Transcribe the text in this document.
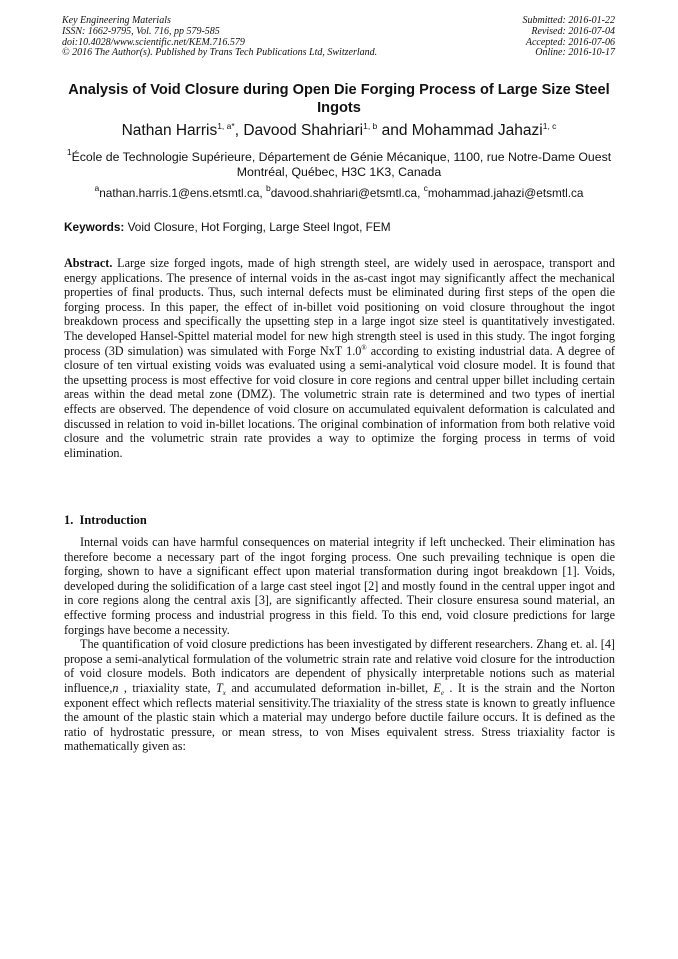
Key Engineering Materials
ISSN: 1662-9795, Vol. 716, pp 579-585
doi:10.4028/www.scientific.net/KEM.716.579
© 2016 The Author(s). Published by Trans Tech Publications Ltd, Switzerland.
Submitted: 2016-01-22
Revised: 2016-07-04
Accepted: 2016-07-06
Online: 2016-10-17
Analysis of Void Closure during Open Die Forging Process of Large Size Steel Ingots
Nathan Harris$^{1, a*}$, Davood Shahriari$^{1, b}$ and Mohammad Jahazi$^{1, c}$
$^1$École de Technologie Supérieure, Département de Génie Mécanique, 1100, rue Notre-Dame Ouest Montréal, Québec, H3C 1K3, Canada
$^a$nathan.harris.1@ens.etsmtl.ca, $^b$davood.shahriari@etsmtl.ca, $^c$mohammad.jahazi@etsmtl.ca
Keywords: Void Closure, Hot Forging, Large Steel Ingot, FEM
Abstract. Large size forged ingots, made of high strength steel, are widely used in aerospace, transport and energy applications. The presence of internal voids in the as-cast ingot may significantly affect the mechanical properties of final products. Thus, such internal defects must be eliminated during first steps of the open die forging process. In this paper, the effect of in-billet void positioning on void closure throughout the ingot breakdown process and specifically the upsetting step in a large ingot size steel is quantitatively investigated. The developed Hansel-Spittel material model for new high strength steel is used in this study. The ingot forging process (3D simulation) was simulated with Forge NxT 1.0® according to existing industrial data. A degree of closure of ten virtual existing voids was evaluated using a semi-analytical void closure model. It is found that the upsetting process is most effective for void closure in core regions and central upper billet including certain areas within the dead metal zone (DMZ). The volumetric strain rate is determined and two types of inertial effects are observed. The dependence of void closure on accumulated equivalent deformation is calculated and discussed in relation to void in-billet locations. The original combination of information from both relative void closure and the volumetric strain rate provides a way to optimize the forging process in terms of void elimination.
1. Introduction

Internal voids can have harmful consequences on material integrity if left unchecked. Their elimination has therefore become a necessary part of the ingot forging process. One such prevailing technique is open die forging, shown to have a significant effect upon material transformation during ingot breakdown [1]. Voids, developed during the solidification of a large cast steel ingot [2] and mostly found in the central upper ingot and in core regions along the central axis [3], are significantly affected. Their closure ensuresa sound material, an effective forming process and industrial progress in this field. To this end, void closure predictions for large forgings have become a necessity.

The quantification of void closure predictions has been investigated by different researchers. Zhang et. al. [4] propose a semi-analytical formulation of the volumetric strain rate and relative void closure for the introduction of void closure models. Both indicators are dependent of physically interpretable notions such as material influence,n , triaxiality state, $T_x$ and accumulated deformation in-billet, $E_e$ . It is the strain and the Norton exponent effect which reflects material sensitivity.The triaxiality of the stress state is known to greatly influence the amount of the plastic stain which a material may undergo before ductile failure occurs. It is defined as the ratio of hydrostatic pressure, or mean stress, to von Mises equivalent stress. Stress triaxiality factor is mathematically given as:
